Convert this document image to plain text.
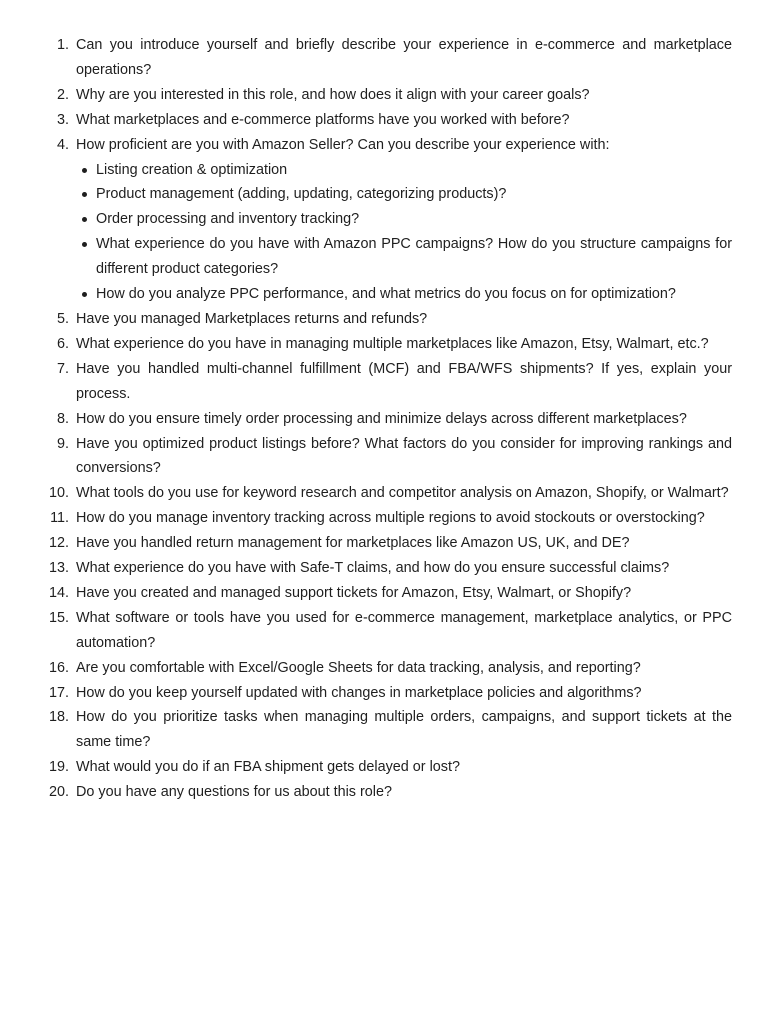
1. Can you introduce yourself and briefly describe your experience in e-commerce and marketplace operations?
2. Why are you interested in this role, and how does it align with your career goals?
3. What marketplaces and e-commerce platforms have you worked with before?
4. How proficient are you with Amazon Seller? Can you describe your experience with:
Listing creation & optimization
Product management (adding, updating, categorizing products)?
Order processing and inventory tracking?
What experience do you have with Amazon PPC campaigns? How do you structure campaigns for different product categories?
How do you analyze PPC performance, and what metrics do you focus on for optimization?
5. Have you managed Marketplaces returns and refunds?
6. What experience do you have in managing multiple marketplaces like Amazon, Etsy, Walmart, etc.?
7. Have you handled multi-channel fulfillment (MCF) and FBA/WFS shipments? If yes, explain your process.
8. How do you ensure timely order processing and minimize delays across different marketplaces?
9. Have you optimized product listings before? What factors do you consider for improving rankings and conversions?
10. What tools do you use for keyword research and competitor analysis on Amazon, Shopify, or Walmart?
11. How do you manage inventory tracking across multiple regions to avoid stockouts or overstocking?
12. Have you handled return management for marketplaces like Amazon US, UK, and DE?
13. What experience do you have with Safe-T claims, and how do you ensure successful claims?
14. Have you created and managed support tickets for Amazon, Etsy, Walmart, or Shopify?
15. What software or tools have you used for e-commerce management, marketplace analytics, or PPC automation?
16. Are you comfortable with Excel/Google Sheets for data tracking, analysis, and reporting?
17. How do you keep yourself updated with changes in marketplace policies and algorithms?
18. How do you prioritize tasks when managing multiple orders, campaigns, and support tickets at the same time?
19. What would you do if an FBA shipment gets delayed or lost?
20. Do you have any questions for us about this role?
